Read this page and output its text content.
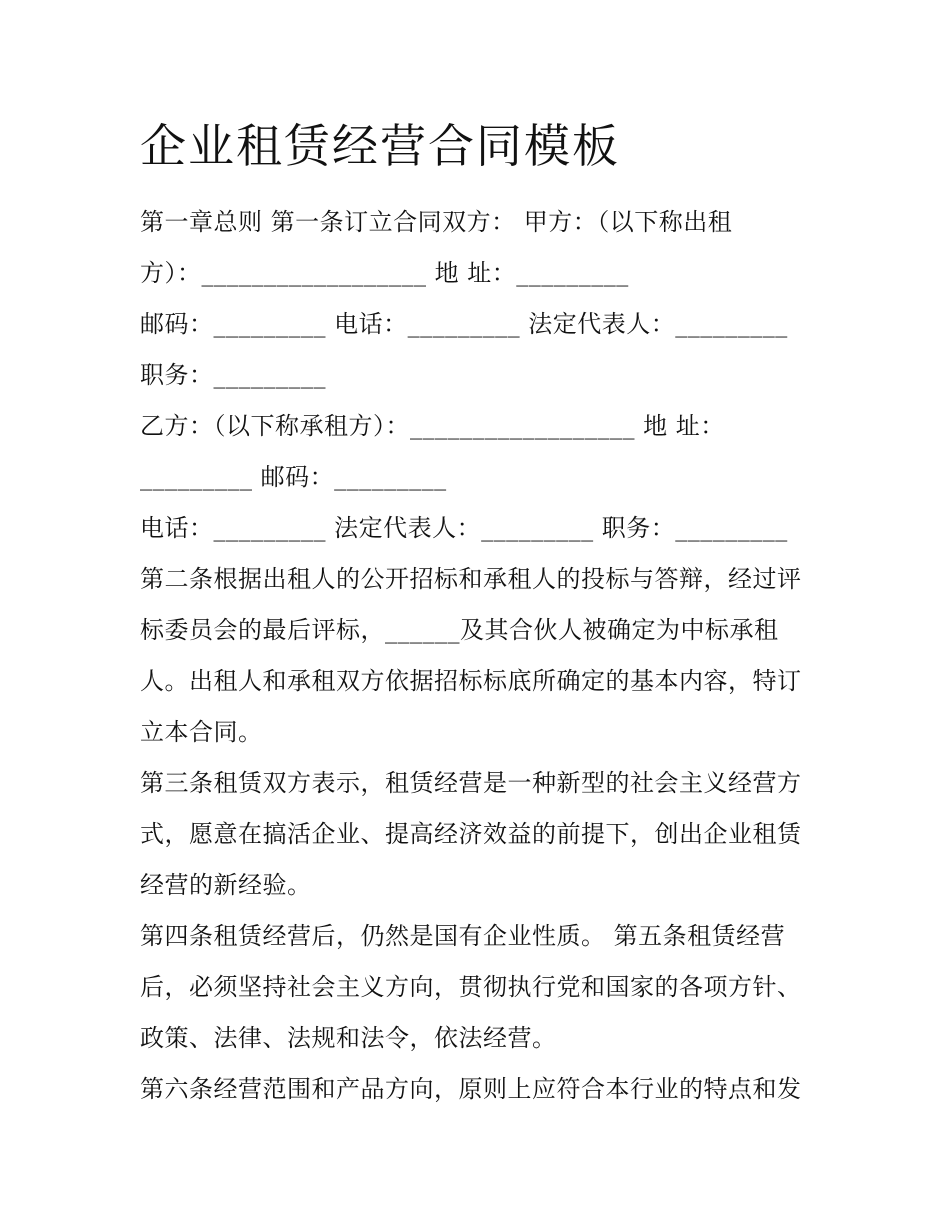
企业租赁经营合同模板
第一章总则 第一条订立合同双方： 甲方：（以下称出租
方）：__________________ 地 址：_________
邮码：_________ 电话：_________ 法定代表人：_________
职务：_________
乙方：（以下称承租方）：__________________ 地 址：
_________ 邮码：_________
电话：_________ 法定代表人：_________ 职务：_________
第二条根据出租人的公开招标和承租人的投标与答辩，经过评
标委员会的最后评标，______及其合伙人被确定为中标承租
人。出租人和承租双方依据招标标底所确定的基本内容，特订
立本合同。
第三条租赁双方表示，租赁经营是一种新型的社会主义经营方
式，愿意在搞活企业、提高经济效益的前提下，创出企业租赁
经营的新经验。
第四条租赁经营后，仍然是国有企业性质。 第五条租赁经营
后，必须坚持社会主义方向，贯彻执行党和国家的各项方针、
政策、法律、法规和法令，依法经营。
第六条经营范围和产品方向，原则上应符合本行业的特点和发
